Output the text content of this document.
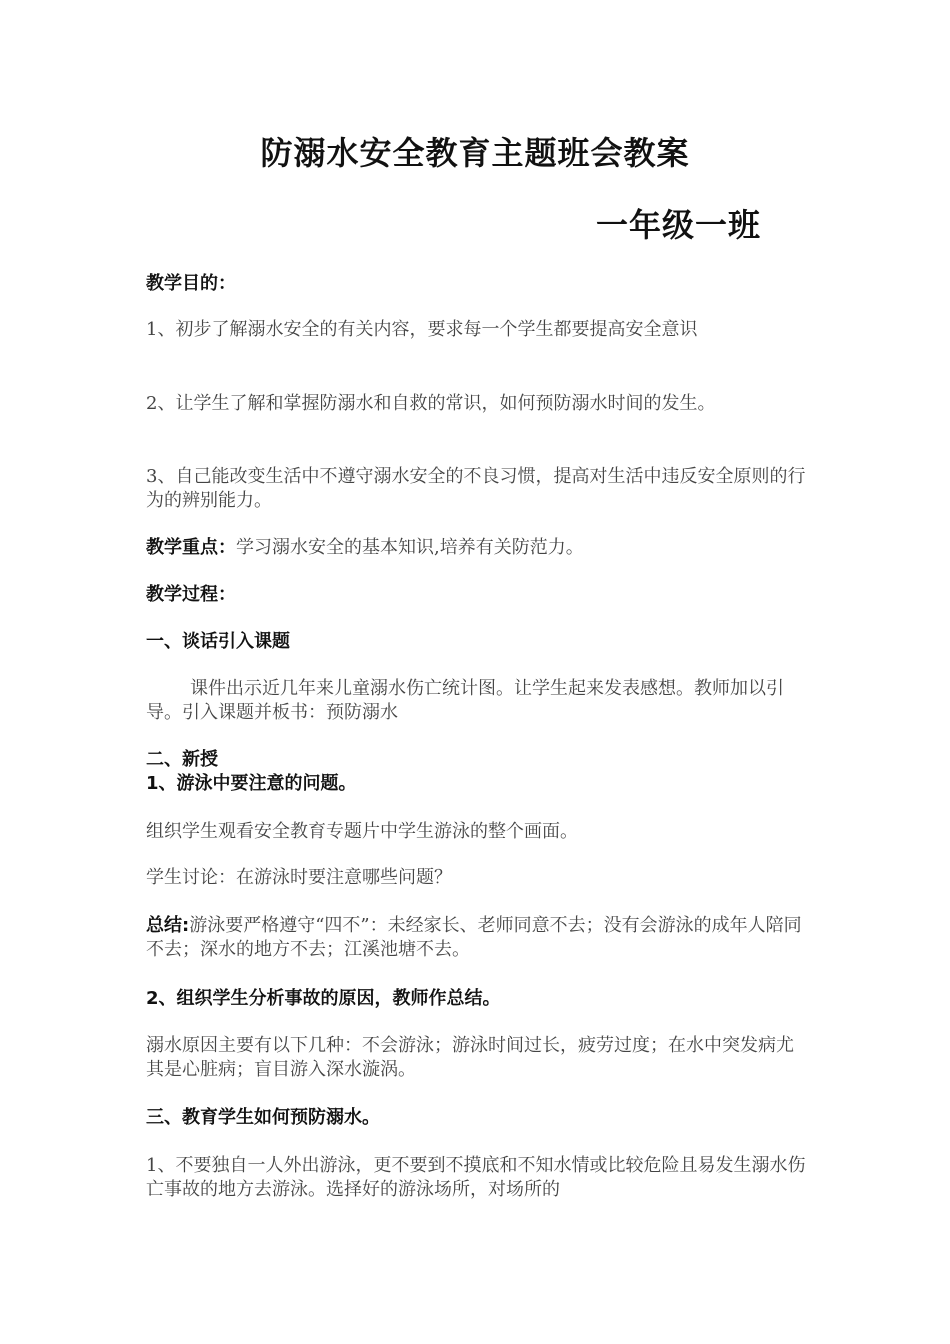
防溺水安全教育主题班会教案
一年级一班
教学目的：
1、初步了解溺水安全的有关内容，要求每一个学生都要提高安全意识
2、让学生了解和掌握防溺水和自救的常识，如何预防溺水时间的发生。
3、自己能改变生活中不遵守溺水安全的不良习惯，提高对生活中违反安全原则的行为的辨别能力。
教学重点：学习溺水安全的基本知识,培养有关防范力。
教学过程：
一、谈话引入课题
课件出示近几年来儿童溺水伤亡统计图。让学生起来发表感想。教师加以引导。引入课题并板书：预防溺水
二、新授
1、游泳中要注意的问题。
组织学生观看安全教育专题片中学生游泳的整个画面。
学生讨论：在游泳时要注意哪些问题？
总结:游泳要严格遵守“四不”：未经家长、老师同意不去；没有会游泳的成年人陪同不去；深水的地方不去；江溪池塘不去。
2、组织学生分析事故的原因，教师作总结。
溺水原因主要有以下几种：不会游泳；游泳时间过长，疲劳过度；在水中突发病尤其是心脏病；盲目游入深水漩涡。
三、教育学生如何预防溺水。
1、不要独自一人外出游泳，更不要到不摸底和不知水情或比较危险且易发生溺水伤亡事故的地方去游泳。选择好的游泳场所，对场所的
